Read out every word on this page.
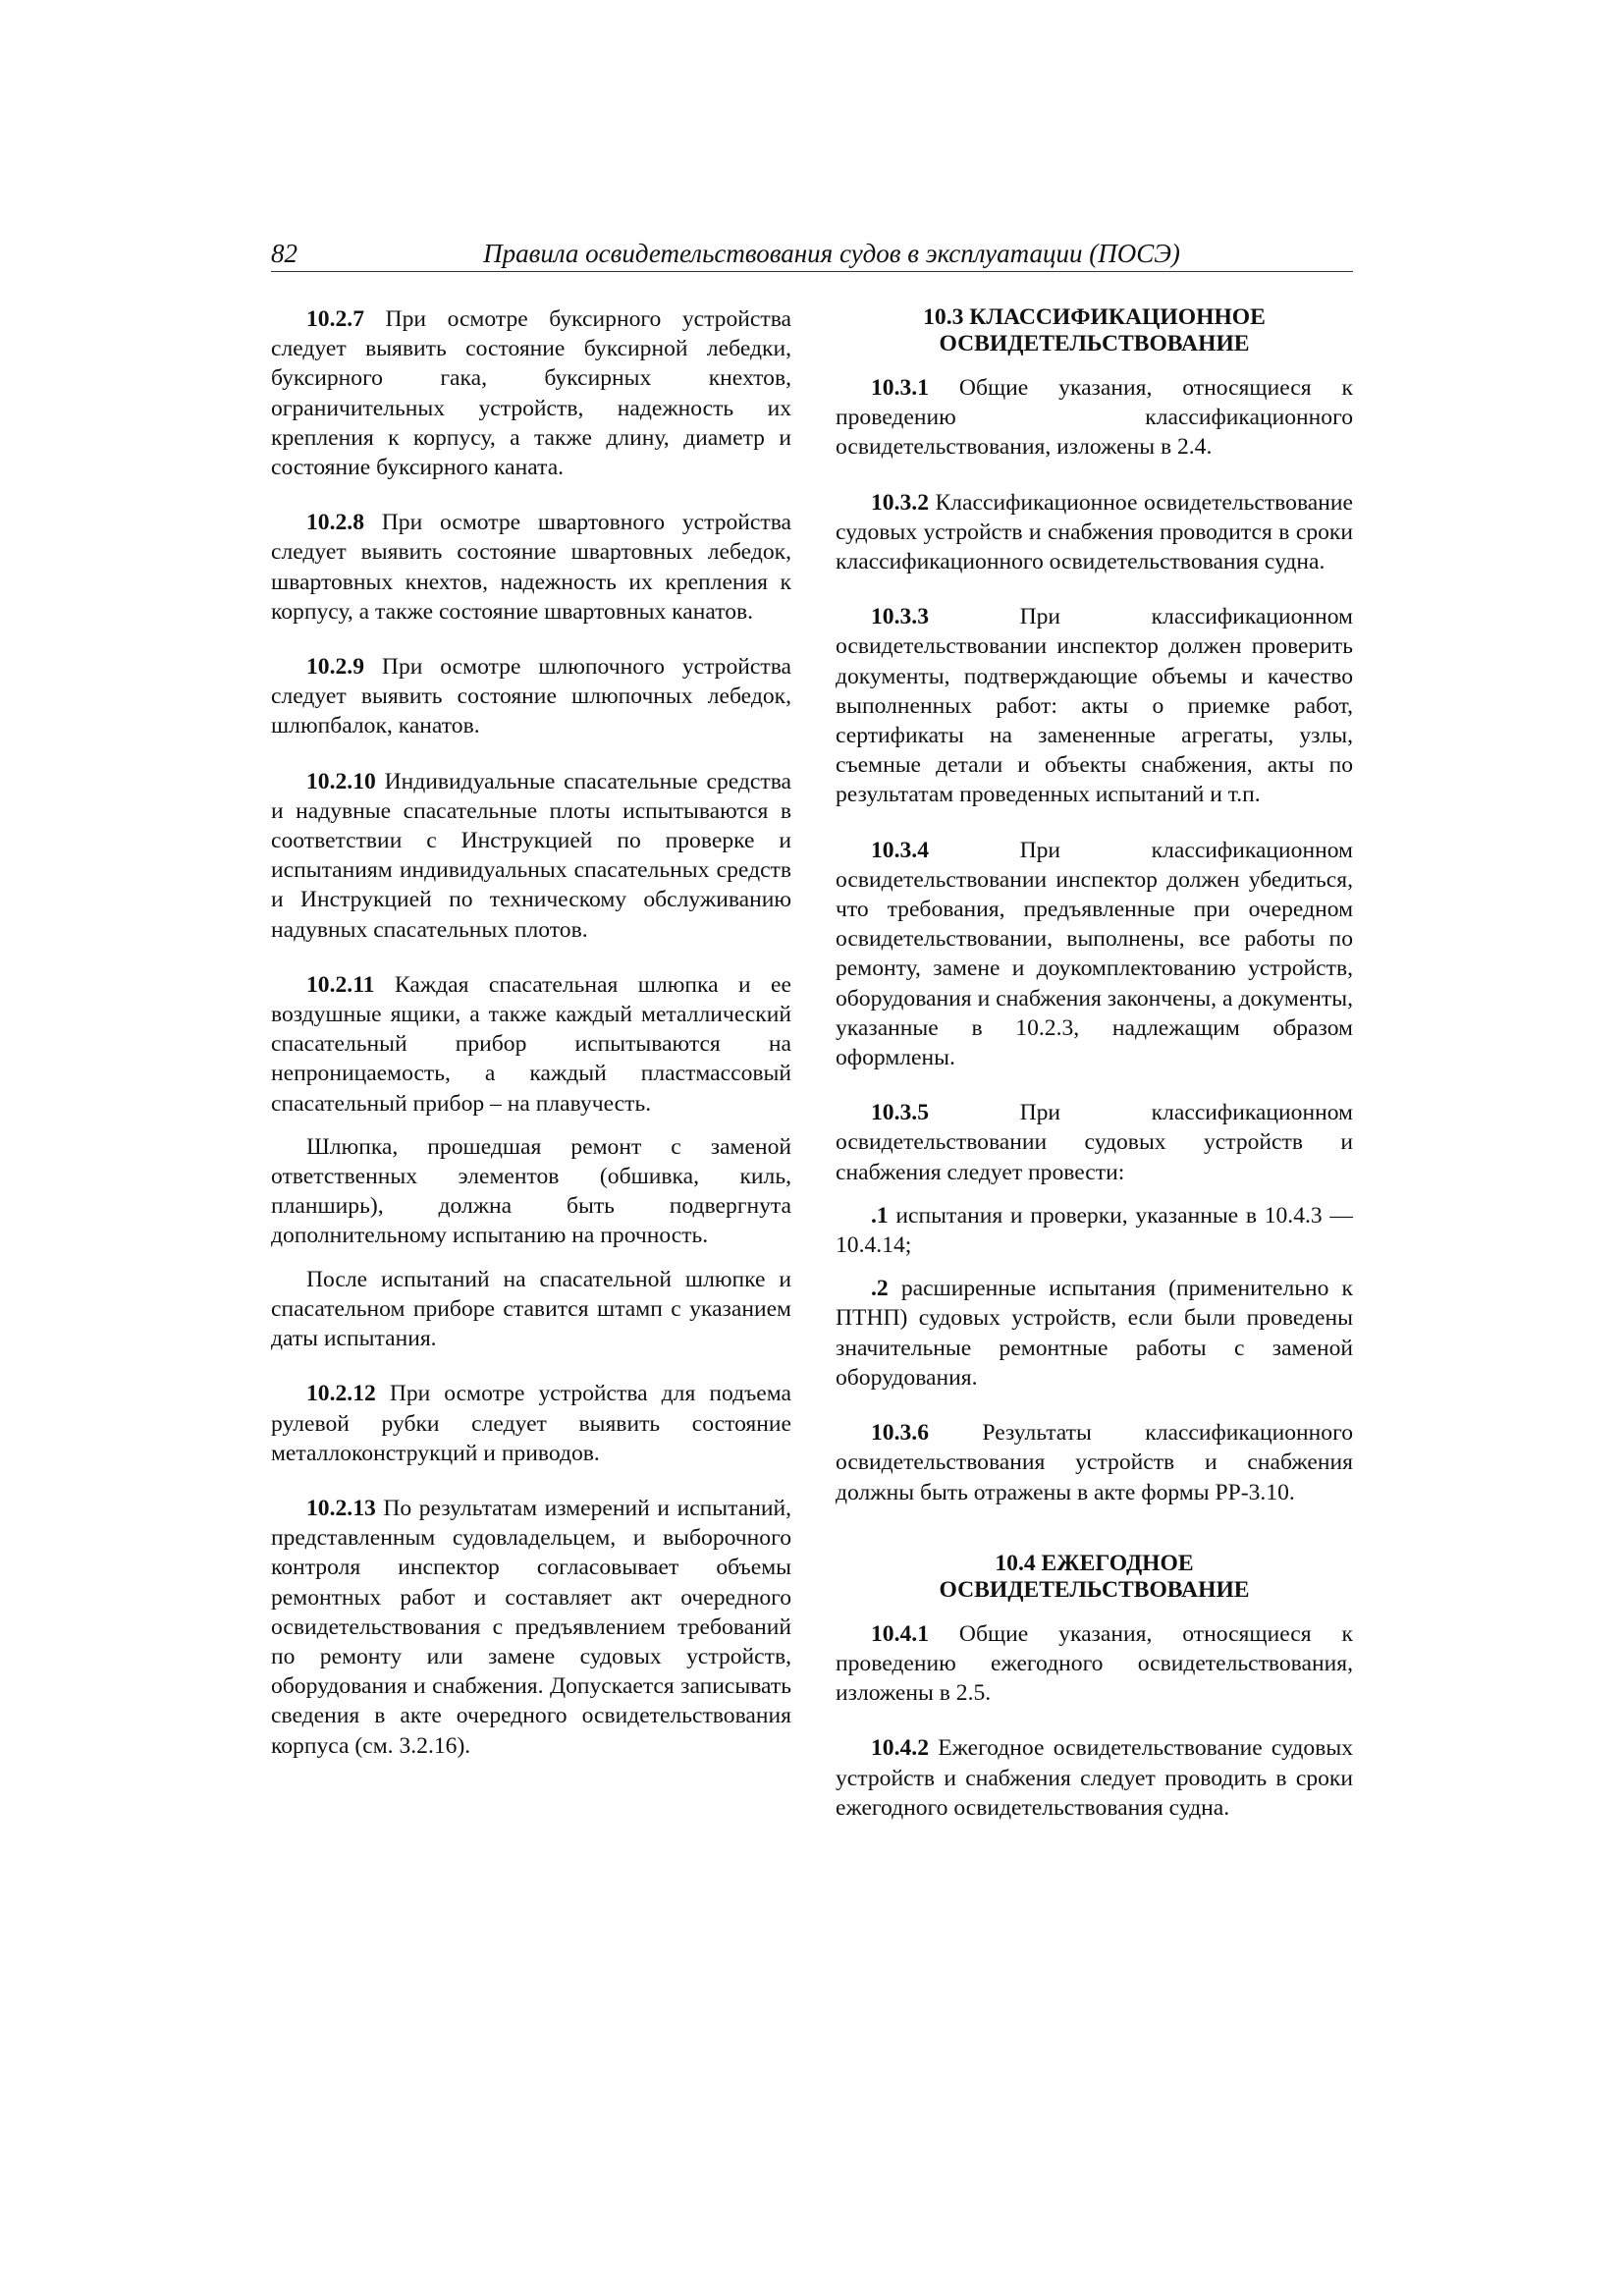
82	Правила освидетельствования судов в эксплуатации (ПОСЭ)

10.2.7 При осмотре буксирного устройства следует выявить состояние буксирной лебедки, буксирного гака, буксирных кнехтов, ограничительных устройств, надежность их крепления к корпусу, а также длину, диаметр и состояние буксирного каната.

10.2.8 При осмотре швартовного устройства следует выявить состояние швартовных лебедок, швартовных кнехтов, надежность их крепления к корпусу, а также состояние швартовных канатов.

10.2.9 При осмотре шлюпочного устройства следует выявить состояние шлюпочных лебедок, шлюпбалок, канатов.

10.2.10 Индивидуальные спасательные средства и надувные спасательные плоты испытываются в соответствии с Инструкцией по проверке и испытаниям индивидуальных спасательных средств и Инструкцией по техническому обслуживанию надувных спасательных плотов.

10.2.11 Каждая спасательная шлюпка и ее воздушные ящики, а также каждый металлический спасательный прибор испытываются на непроницаемость, а каждый пластмассовый спасательный прибор – на плавучесть.

Шлюпка, прошедшая ремонт с заменой ответственных элементов (обшивка, киль, планширь), должна быть подвергнута дополнительному испытанию на прочность.

После испытаний на спасательной шлюпке и спасательном приборе ставится штамп с указанием даты испытания.

10.2.12 При осмотре устройства для подъема рулевой рубки следует выявить состояние металлоконструкций и приводов.

10.2.13 По результатам измерений и испытаний, представленным судовладельцем, и выборочного контроля инспектор согласовывает объемы ремонтных работ и составляет акт очередного освидетельствования с предъявлением требований по ремонту или замене судовых устройств, оборудования и снабжения. Допускается записывать сведения в акте очередного освидетельствования корпуса (см. 3.2.16).

10.3 КЛАССИФИКАЦИОННОЕ
ОСВИДЕТЕЛЬСТВОВАНИЕ

10.3.1 Общие указания, относящиеся к проведению классификационного освидетельствования, изложены в 2.4.

10.3.2 Классификационное освидетельствование судовых устройств и снабжения проводится в сроки классификационного освидетельствования судна.

10.3.3	При классификационном освидетельствовании инспектор должен проверить документы, подтверждающие объемы и качество выполненных работ: акты о приемке работ, сертификаты на замененные агрегаты, узлы, съемные детали и объекты снабжения, акты по результатам проведенных испытаний и т.п.

10.3.4	При классификационном освидетельствовании инспектор должен убедиться, что требования, предъявленные при очередном освидетельствовании, выполнены, все работы по ремонту, замене и доукомплектованию устройств, оборудования и снабжения закончены, а документы, указанные в 10.2.3, надлежащим образом оформлены.

10.3.5	При классификационном освидетельствовании судовых устройств и снабжения следует провести:

.1 испытания и проверки, указанные в 10.4.3 — 10.4.14;

.2 расширенные испытания (применительно к ПТНП) судовых устройств, если были проведены значительные ремонтные работы с заменой оборудования.

10.3.6 Результаты классификационного освидетельствования устройств и снабжения должны быть отражены в акте формы РР-3.10.

10.4 ЕЖЕГОДНОЕ
ОСВИДЕТЕЛЬСТВОВАНИЕ

10.4.1 Общие указания, относящиеся к проведению ежегодного освидетельствования, изложены в 2.5.

10.4.2 Ежегодное освидетельствование судовых устройств и снабжения следует проводить в сроки ежегодного освидетельствования судна.
